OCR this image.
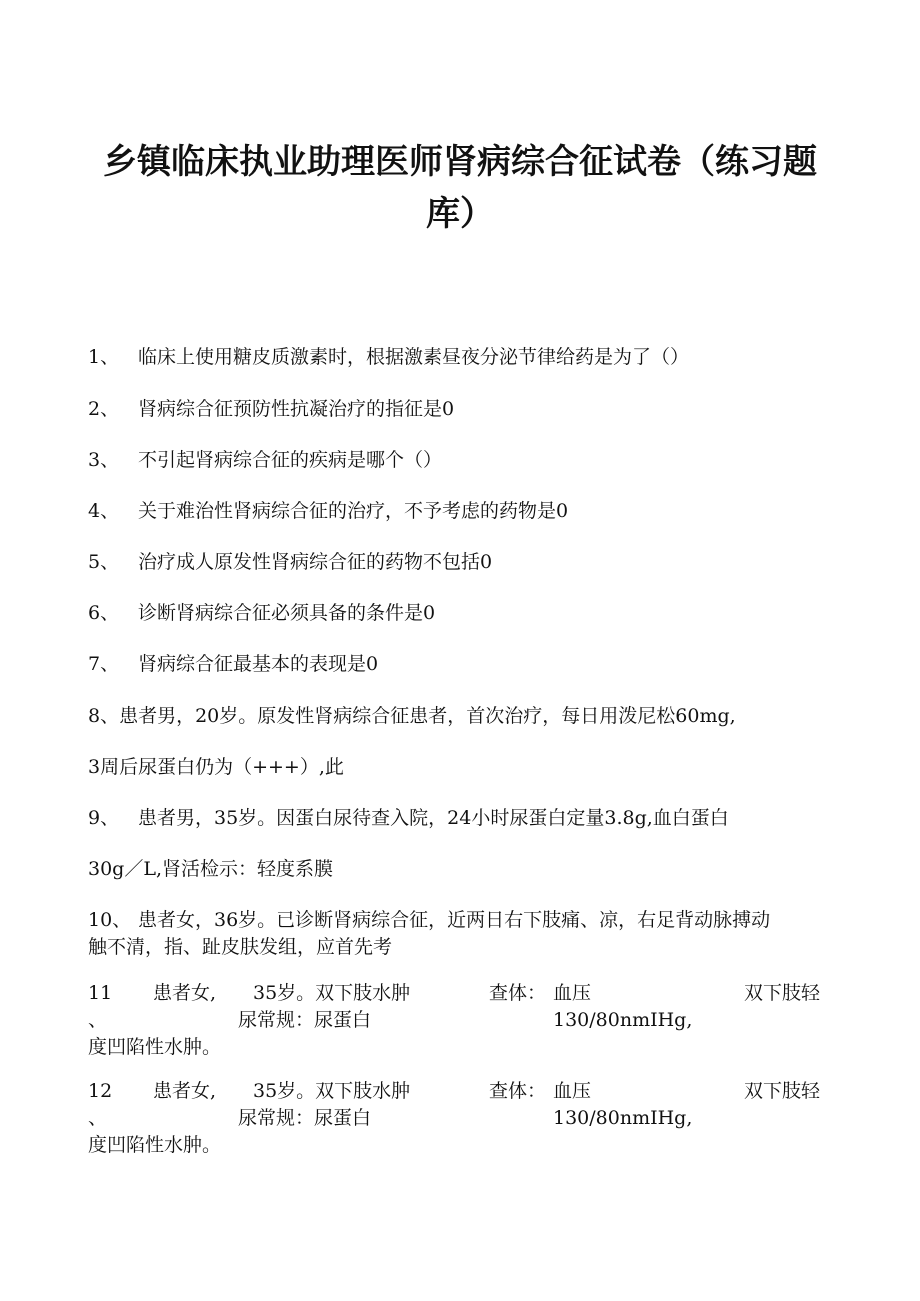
乡镇临床执业助理医师肾病综合征试卷（练习题
库）
1、 临床上使用糖皮质激素时，根据激素昼夜分泌节律给药是为了（）
2、 肾病综合征预防性抗凝治疗的指征是0
3、 不引起肾病综合征的疾病是哪个（）
4、 关于难治性肾病综合征的治疗，不予考虑的药物是0
5、 治疗成人原发性肾病综合征的药物不包括0
6、 诊断肾病综合征必须具备的条件是0
7、 肾病综合征最基本的表现是0
8、患者男，20岁。原发性肾病综合征患者，首次治疗，每日用泼尼松60mg,
3周后尿蛋白仍为（+++）,此
9、 患者男，35岁。因蛋白尿待查入院，24小时尿蛋白定量3.8g,血白蛋白
30g／L,肾活检示：轻度系膜
10、 患者女，36岁。已诊断肾病综合征，近两日右下肢痛、凉，右足背动脉搏动
触不清，指、趾皮肤发组，应首先考
11 患者女, 35岁。双下肢水肿	查体： 血压	双下肢轻
、	尿常规：尿蛋白	130/80nmIHg,
度凹陷性水肿。
12 患者女, 35岁。双下肢水肿	查体： 血压	双下肢轻
、	尿常规：尿蛋白	130/80nmIHg,
度凹陷性水肿。
